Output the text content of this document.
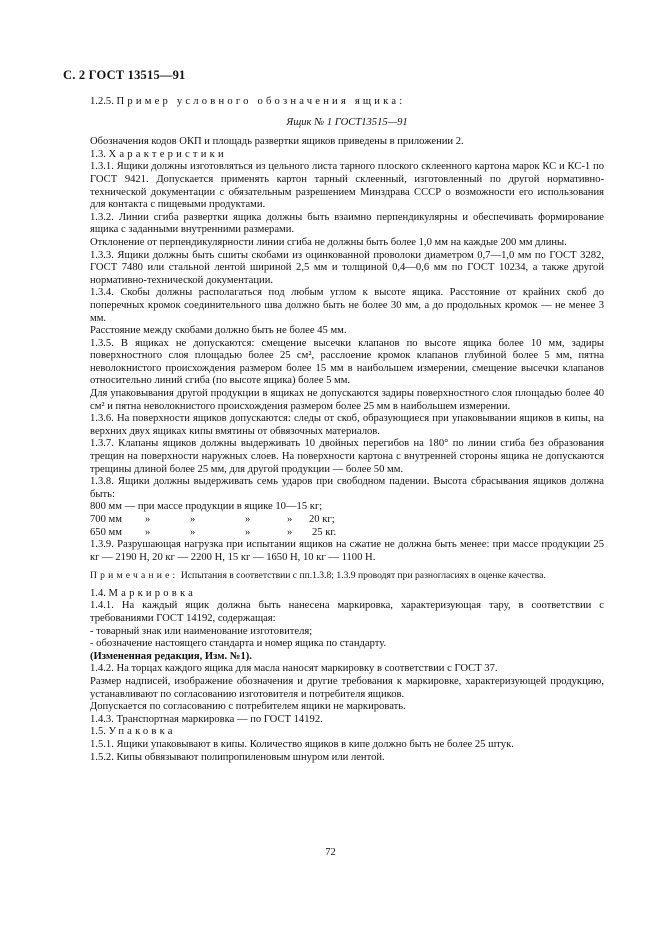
С. 2 ГОСТ 13515—91

1.2.5. Пример условного обозначения ящика:

Ящик № 1 ГОСТ13515—91

Обозначения кодов ОКП и площадь развертки ящиков приведены в приложении 2.

1.3. Характеристики

1.3.1. Ящики должны изготовляться из цельного листа тарного плоского склеенного картона марок КС и КС-1 по ГОСТ 9421. Допускается применять картон тарный склеенный, изготовленный по другой нормативно-технической документации с обязательным разрешением Минздрава СССР о возможности его использования для контакта с пищевыми продуктами.

1.3.2. Линии сгиба развертки ящика должны быть взаимно перпендикулярны и обеспечивать формирование ящика с заданными внутренними размерами.

Отклонение от перпендикулярности линии сгиба не должны быть более 1,0 мм на каждые 200 мм длины.

1.3.3. Ящики должны быть сшиты скобами из оцинкованной проволоки диаметром 0,7—1,0 мм по ГОСТ 3282, ГОСТ 7480 или стальной лентой шириной 2,5 мм и толщиной 0,4—0,6 мм по ГОСТ 10234, а также другой нормативно-технической документации.

1.3.4. Скобы должны располагаться под любым углом к высоте ящика. Расстояние от крайних скоб до поперечных кромок соединительного шва должно быть не более 30 мм, а до продольных кромок — не менее 3 мм.

Расстояние между скобами должно быть не более 45 мм.

1.3.5. В ящиках не допускаются: смещение высечки клапанов по высоте ящика более 10 мм, задиры поверхностного слоя площадью более 25 см², расслоение кромок клапанов глубиной более 5 мм, пятна неволокнистого происхождения размером более 15 мм в наибольшем измерении, смещение высечки клапанов относительно линий сгиба (по высоте ящика) более 5 мм.

Для упаковывания другой продукции в ящиках не допускаются задиры поверхностного слоя площадью более 40 см² и пятна неволокнистого происхождения размером более 25 мм в наибольшем измерении.

1.3.6. На поверхности ящиков допускаются: следы от скоб, образующиеся при упаковывании ящиков в кипы, на верхних двух ящиках кипы вмятины от обвязочных материалов.

1.3.7. Клапаны ящиков должны выдерживать 10 двойных перегибов на 180° по линии сгиба без образования трещин на поверхности наружных слоев. На поверхности картона с внутренней стороны ящика не допускаются трещины длиной более 25 мм, для другой продукции — более 50 мм.

1.3.8. Ящики должны выдерживать семь ударов при свободном падении. Высота сбрасывания ящиков должна быть:

800 мм — при массе продукции в ящике 10—15 кг;					
700 мм	»	»	»	»	20 кг;
650 мм	»	»	»	»	25 кг.

1.3.9. Разрушающая нагрузка при испытании ящиков на сжатие не должна быть менее: при массе продукции 25 кг — 2190 Н, 20 кг — 2200 Н, 15 кг — 1650 Н, 10 кг — 1100 Н.

Примечание: Испытания в соответствии с пп.1.3.8; 1.3.9 проводят при разногласиях в оценке качества.

1.4. Маркировка

1.4.1. На каждый ящик должна быть нанесена маркировка, характеризующая тару, в соответствии с требованиями ГОСТ 14192, содержащая:

- товарный знак или наименование изготовителя;

- обозначение настоящего стандарта и номер ящика по стандарту.

(Измененная редакция, Изм. №1).

1.4.2. На торцах каждого ящика для масла наносят маркировку в соответствии с ГОСТ 37.

Размер надписей, изображение обозначения и другие требования к маркировке, характеризующей продукцию, устанавливают по согласованию изготовителя и потребителя ящиков.

Допускается по согласованию с потребителем ящики не маркировать.

1.4.3. Транспортная маркировка — по ГОСТ 14192.

1.5. Упаковка

1.5.1. Ящики упаковывают в кипы. Количество ящиков в кипе должно быть не более 25 штук.

1.5.2. Кипы обвязывают полипропиленовым шнуром или лентой.

72
